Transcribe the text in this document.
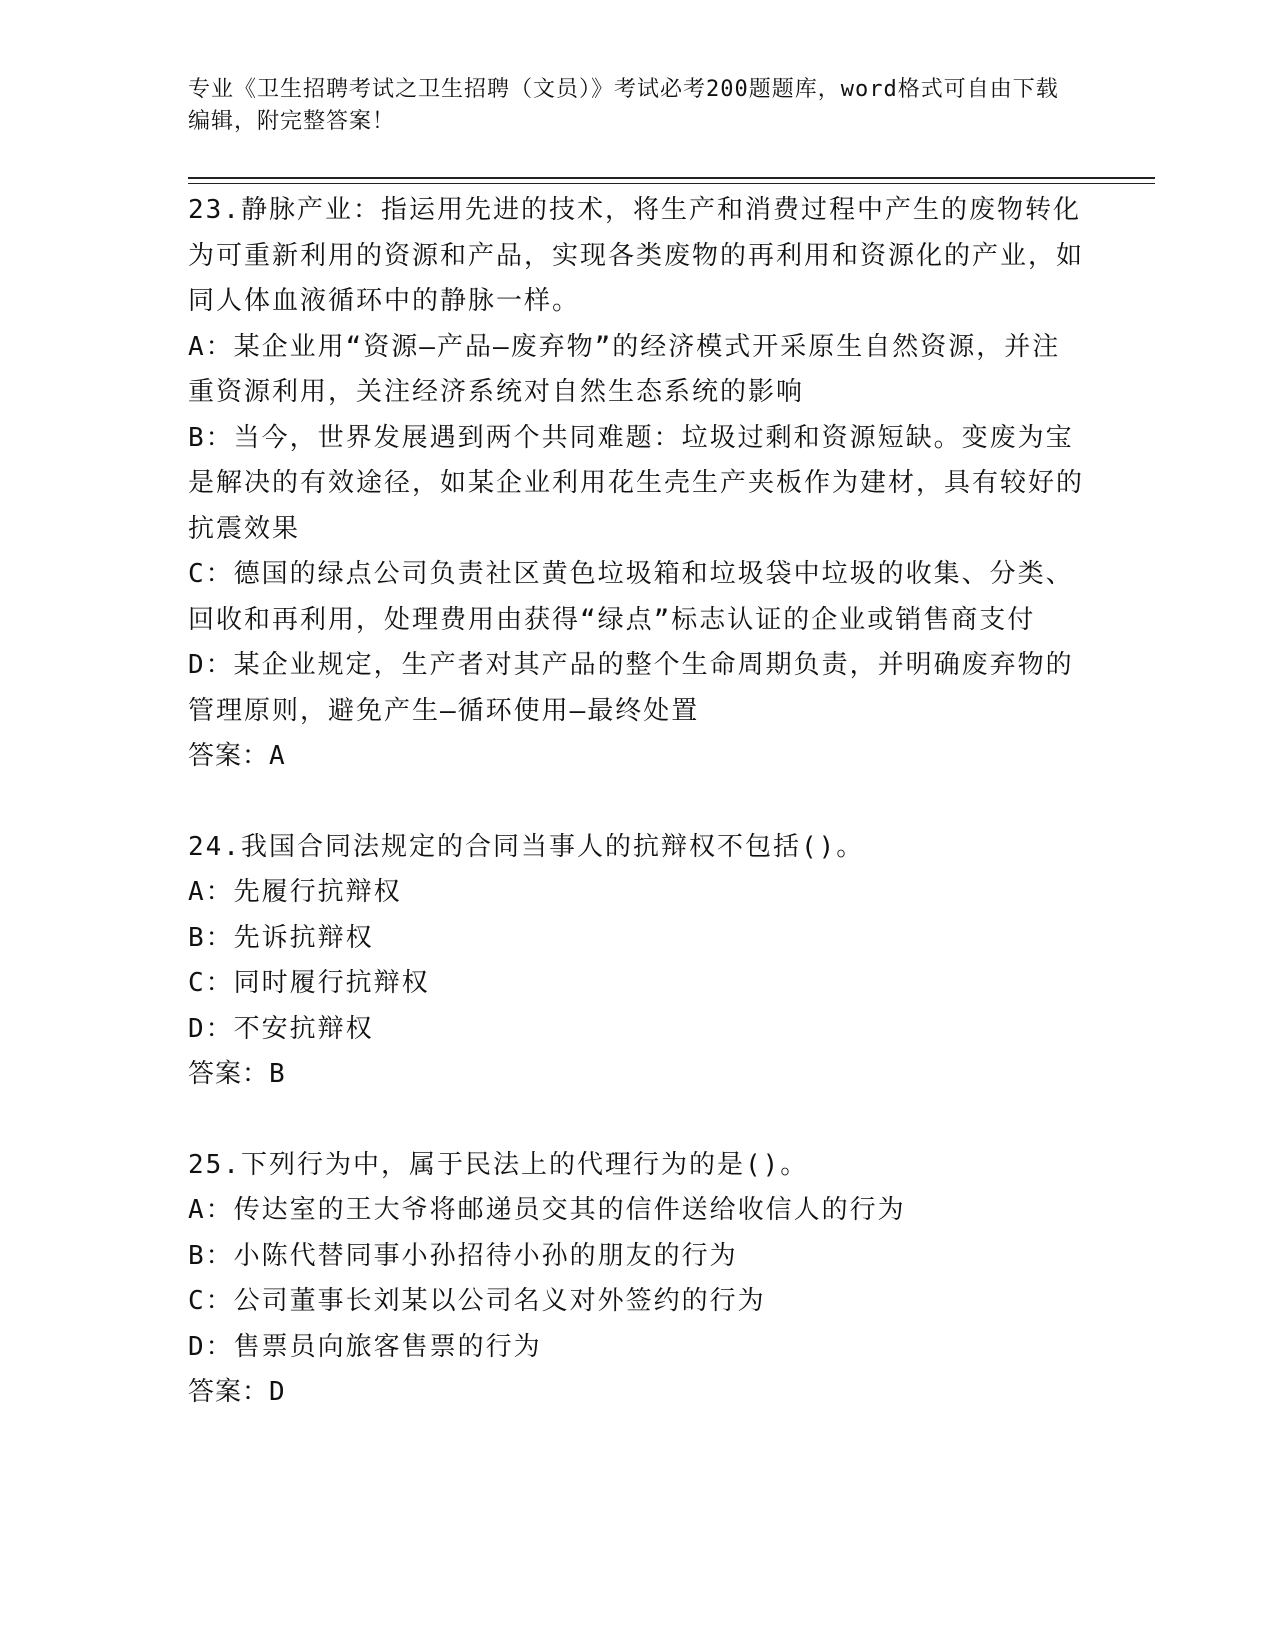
专业《卫生招聘考试之卫生招聘（文员）》考试必考200题题库，word格式可自由下载编辑，附完整答案！
23.静脉产业：指运用先进的技术，将生产和消费过程中产生的废物转化为可重新利用的资源和产品，实现各类废物的再利用和资源化的产业，如同人体血液循环中的静脉一样。
A：某企业用“资源—产品—废弃物”的经济模式开采原生自然资源，并注重资源利用，关注经济系统对自然生态系统的影响
B：当今，世界发展遇到两个共同难题：垃圾过剩和资源短缺。变废为宝是解决的有效途径，如某企业利用花生壳生产夹板作为建材，具有较好的抗震效果
C：德国的绿点公司负责社区黄色垃圾箱和垃圾袋中垃圾的收集、分类、回收和再利用，处理费用由获得“绿点”标志认证的企业或销售商支付
D：某企业规定，生产者对其产品的整个生命周期负责，并明确废弃物的管理原则，避免产生—循环使用—最终处置
答案：A
24.我国合同法规定的合同当事人的抗辩权不包括()。
A：先履行抗辩权
B：先诉抗辩权
C：同时履行抗辩权
D：不安抗辩权
答案：B
25.下列行为中，属于民法上的代理行为的是()。
A：传达室的王大爷将邮递员交其的信件送给收信人的行为
B：小陈代替同事小孙招待小孙的朋友的行为
C：公司董事长刘某以公司名义对外签约的行为
D：售票员向旅客售票的行为
答案：D
